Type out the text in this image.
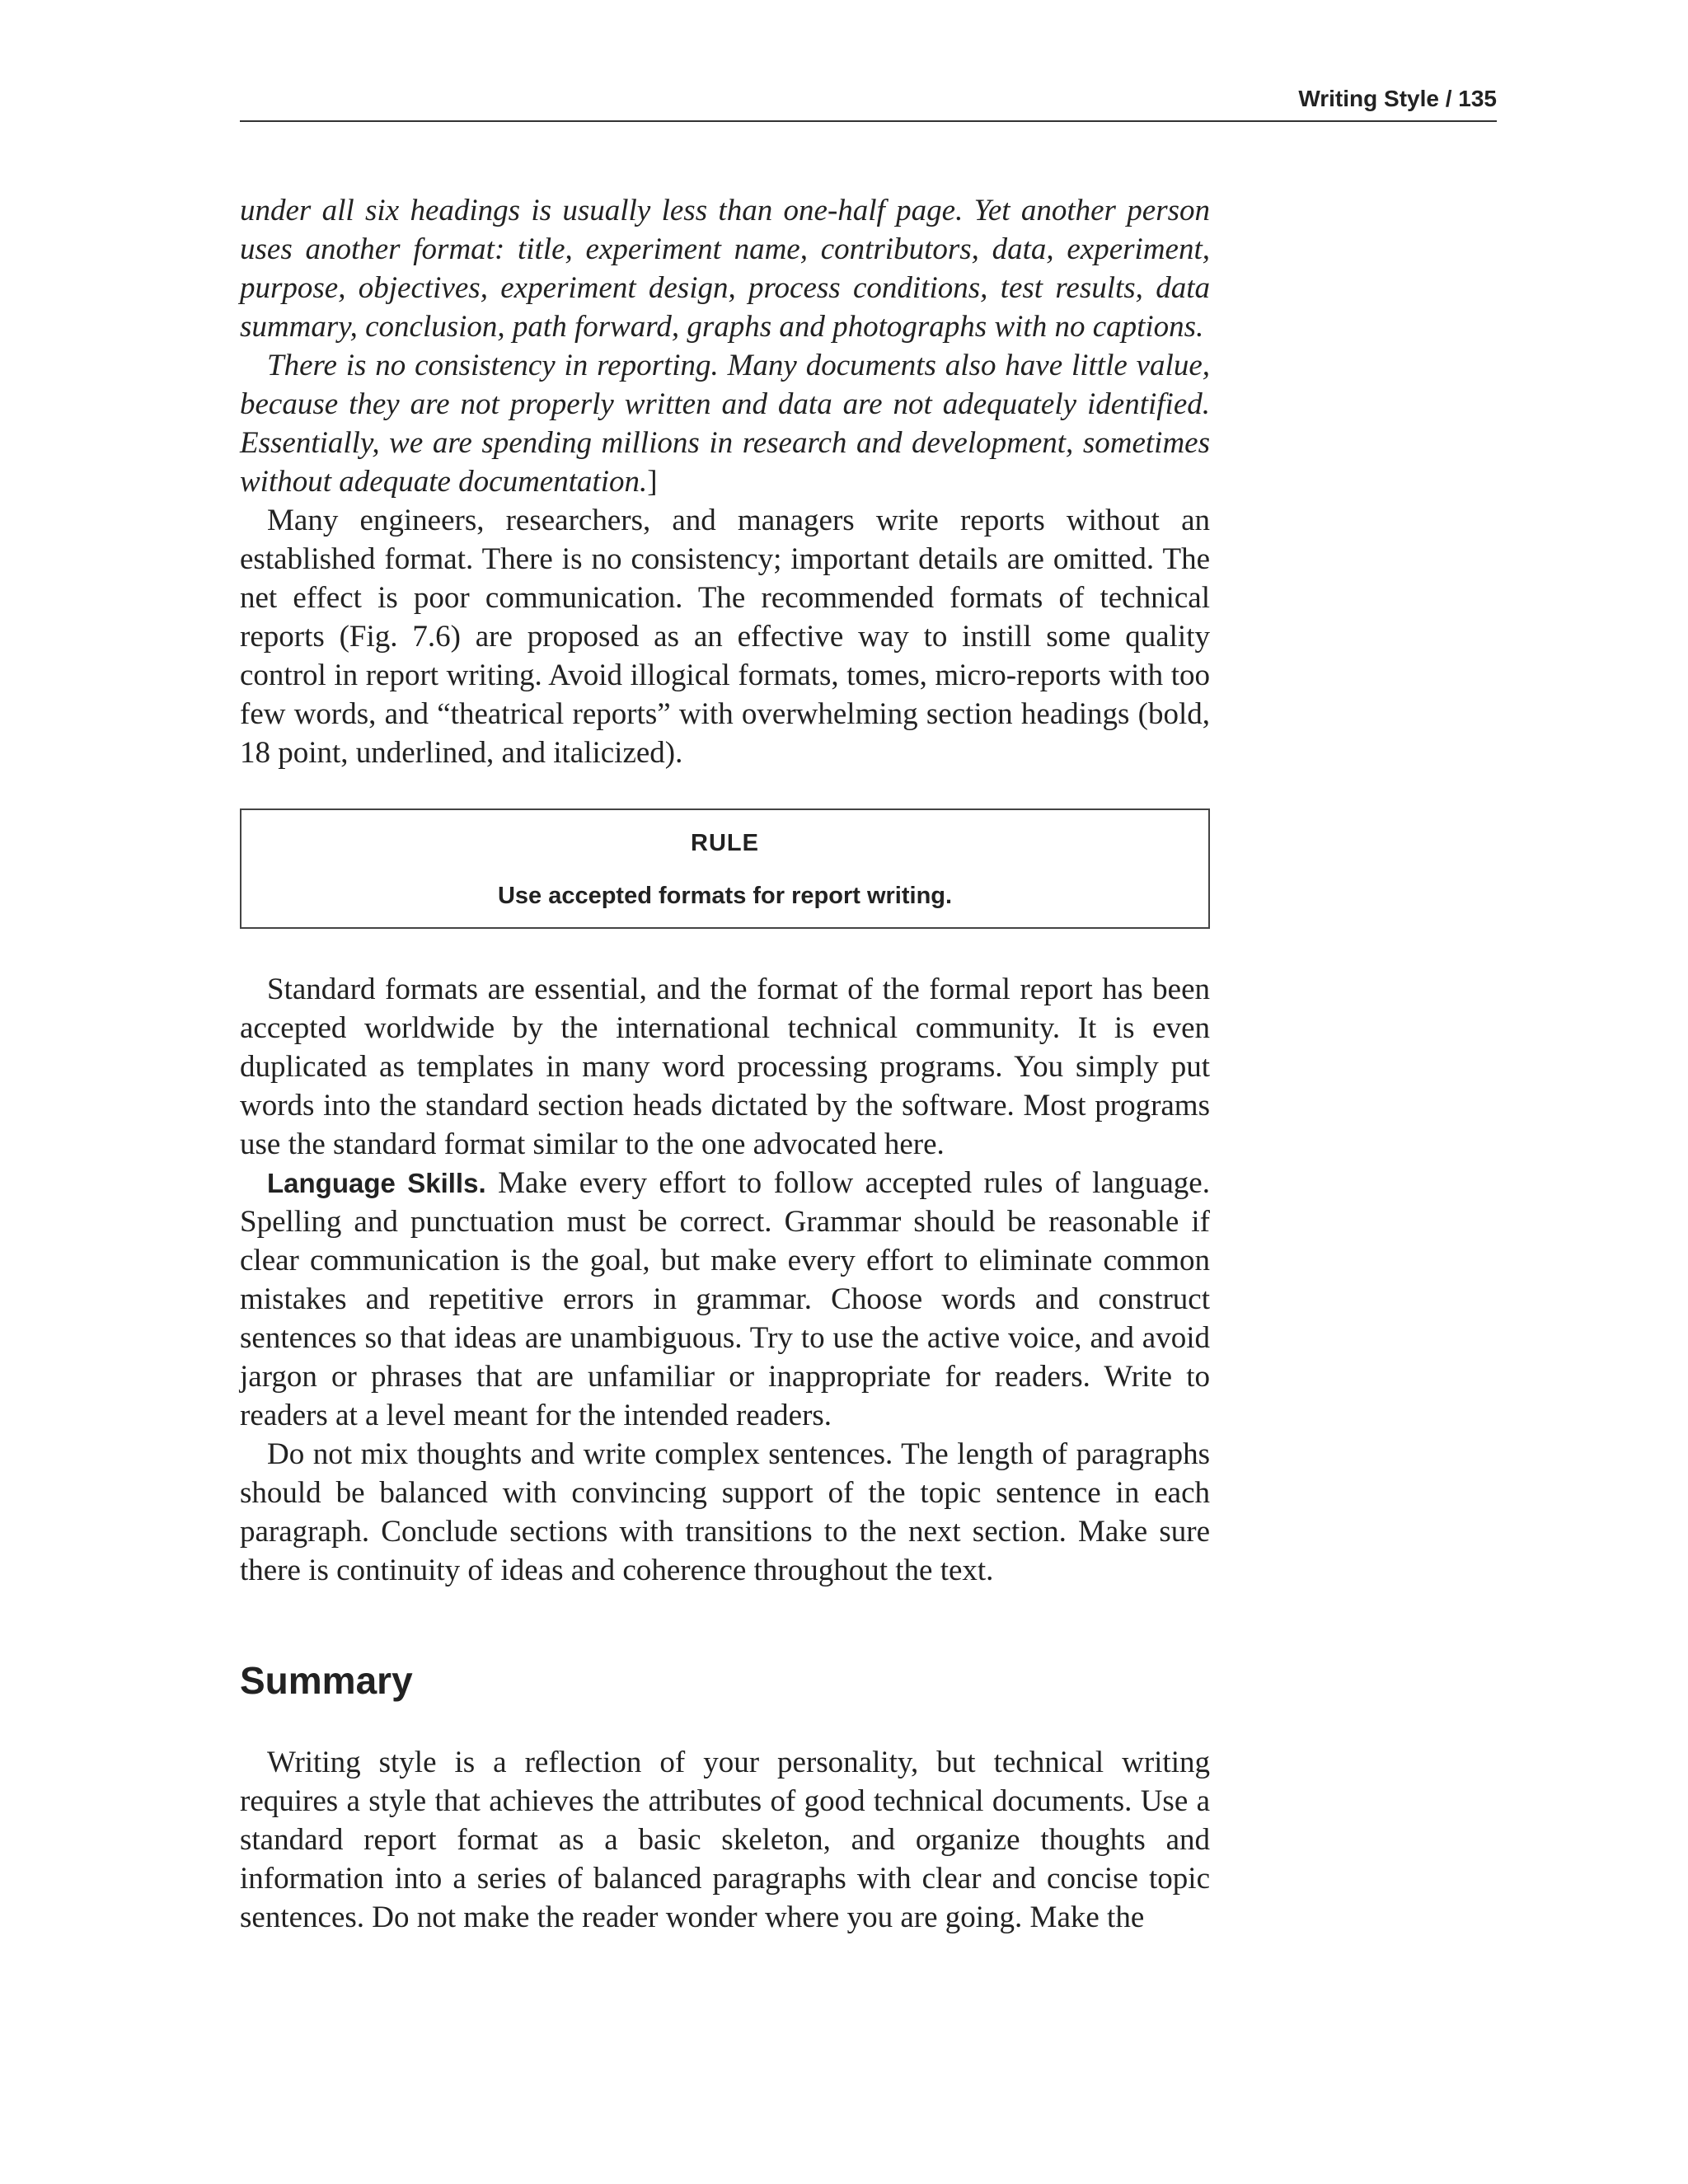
Writing Style / 135

under all six headings is usually less than one-half page. Yet another person uses another format: title, experiment name, contributors, data, experiment, purpose, objectives, experiment design, process conditions, test results, data summary, conclusion, path forward, graphs and photographs with no captions.

There is no consistency in reporting. Many documents also have little value, because they are not properly written and data are not adequately identified. Essentially, we are spending millions in research and development, sometimes without adequate documentation.]

Many engineers, researchers, and managers write reports without an established format. There is no consistency; important details are omitted. The net effect is poor communication. The recommended formats of technical reports (Fig. 7.6) are proposed as an effective way to instill some quality control in report writing. Avoid illogical formats, tomes, micro-reports with too few words, and “theatrical reports” with overwhelming section headings (bold, 18 point, underlined, and italicized).

RULE
Use accepted formats for report writing.

Standard formats are essential, and the format of the formal report has been accepted worldwide by the international technical community. It is even duplicated as templates in many word processing programs. You simply put words into the standard section heads dictated by the software. Most programs use the standard format similar to the one advocated here.

Language Skills. Make every effort to follow accepted rules of language. Spelling and punctuation must be correct. Grammar should be reasonable if clear communication is the goal, but make every effort to eliminate common mistakes and repetitive errors in grammar. Choose words and construct sentences so that ideas are unambiguous. Try to use the active voice, and avoid jargon or phrases that are unfamiliar or inappropriate for readers. Write to readers at a level meant for the intended readers.

Do not mix thoughts and write complex sentences. The length of paragraphs should be balanced with convincing support of the topic sentence in each paragraph. Conclude sections with transitions to the next section. Make sure there is continuity of ideas and coherence throughout the text.

Summary

Writing style is a reflection of your personality, but technical writing requires a style that achieves the attributes of good technical documents. Use a standard report format as a basic skeleton, and organize thoughts and information into a series of balanced paragraphs with clear and concise topic sentences. Do not make the reader wonder where you are going. Make the
